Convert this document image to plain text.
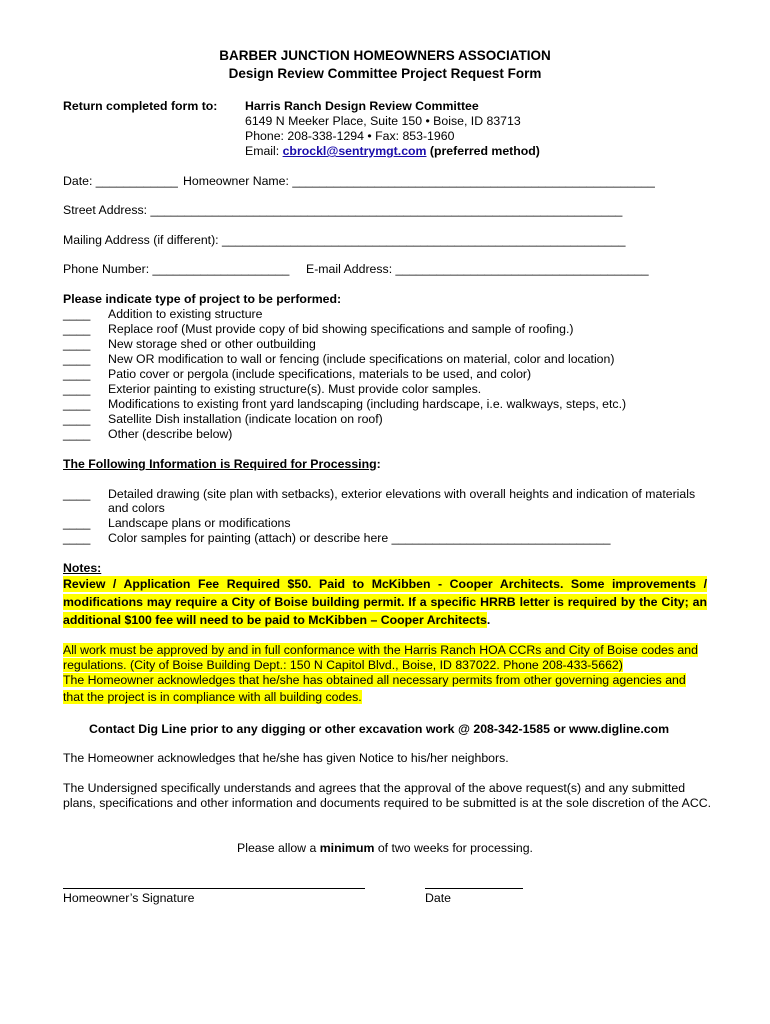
BARBER JUNCTION HOMEOWNERS ASSOCIATION
Design Review Committee Project Request Form
Return completed form to: Harris Ranch Design Review Committee
6149 N Meeker Place, Suite 150 • Boise, ID 83713
Phone: 208-338-1294 • Fax: 853-1960
Email: cbrockl@sentrymgt.com (preferred method)
Date: ____________ Homeowner Name: _____________________________________________________
Street Address: _____________________________________________________________________
Mailing Address (if different): ___________________________________________________________
Phone Number: ____________________ E-mail Address: _____________________________________
Please indicate type of project to be performed:
____ Addition to existing structure
____ Replace roof (Must provide copy of bid showing specifications and sample of roofing.)
____ New storage shed or other outbuilding
____ New OR modification to wall or fencing (include specifications on material, color and location)
____ Patio cover or pergola (include specifications, materials to be used, and color)
____ Exterior painting to existing structure(s). Must provide color samples.
____ Modifications to existing front yard landscaping (including hardscape, i.e. walkways, steps, etc.)
____ Satellite Dish installation (indicate location on roof)
____ Other (describe below)
The Following Information is Required for Processing:
____ Detailed drawing (site plan with setbacks), exterior elevations with overall heights and indication of materials
and colors
____ Landscape plans or modifications
____ Color samples for painting (attach) or describe here ________________________________
Notes:
Review / Application Fee Required $50. Paid to McKibben - Cooper Architects. Some improvements / modifications may require a City of Boise building permit. If a specific HRRB letter is required by the City; an additional $100 fee will need to be paid to McKibben – Cooper Architects.
All work must be approved by and in full conformance with the Harris Ranch HOA CCRs and City of Boise codes and
regulations. (City of Boise Building Dept.: 150 N Capitol Blvd., Boise, ID 837022. Phone 208-433-5662)
The Homeowner acknowledges that he/she has obtained all necessary permits from other governing agencies and
that the project is in compliance with all building codes.
Contact Dig Line prior to any digging or other excavation work @ 208-342-1585 or www.digline.com
The Homeowner acknowledges that he/she has given Notice to his/her neighbors.
The Undersigned specifically understands and agrees that the approval of the above request(s) and any submitted plans, specifications and other information and documents required to be submitted is at the sole discretion of the ACC.
Please allow a minimum of two weeks for processing.
Homeowner’s Signature	Date
